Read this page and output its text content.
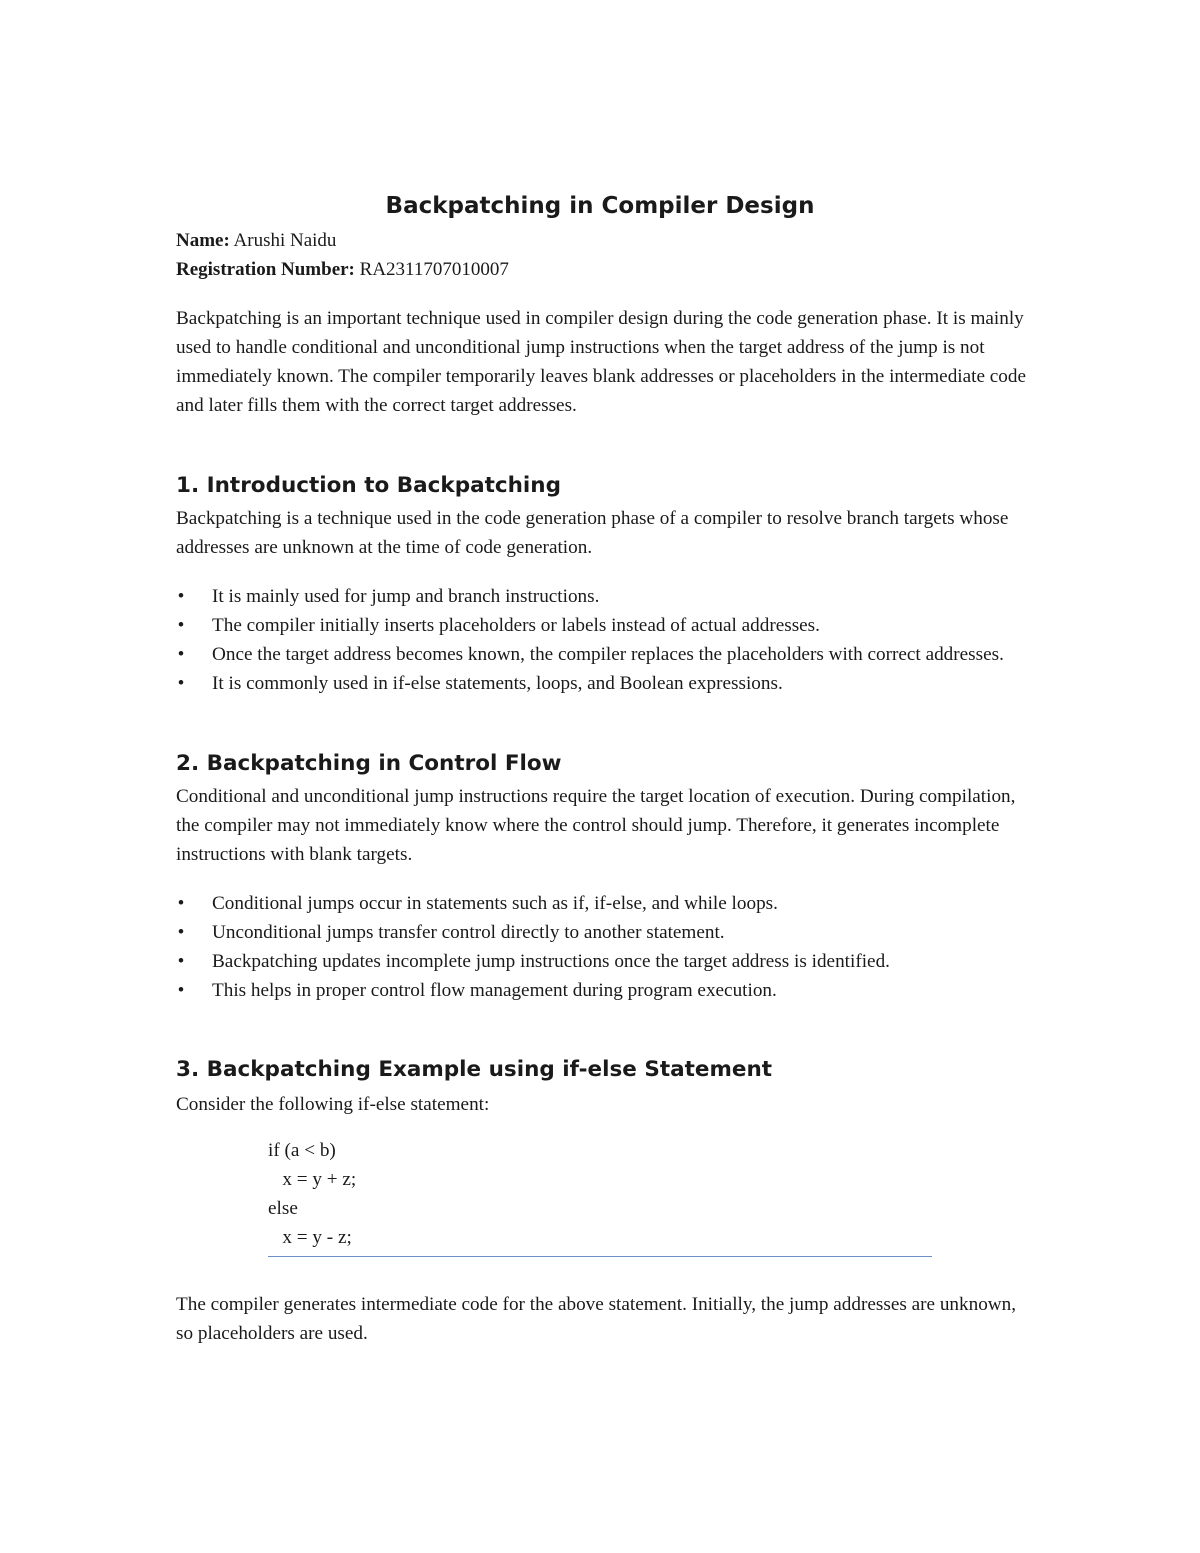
Backpatching in Compiler Design
Name: Arushi Naidu
Registration Number: RA2311707010007

Backpatching is an important technique used in compiler design during the code generation phase. It is mainly used to handle conditional and unconditional jump instructions when the target address of the jump is not immediately known. The compiler temporarily leaves blank addresses or placeholders in the intermediate code and later fills them with the correct target addresses.

1. Introduction to Backpatching

Backpatching is a technique used in the code generation phase of a compiler to resolve branch targets whose addresses are unknown at the time of code generation.

• It is mainly used for jump and branch instructions.
• The compiler initially inserts placeholders or labels instead of actual addresses.
• Once the target address becomes known, the compiler replaces the placeholders with correct addresses.
• It is commonly used in if-else statements, loops, and Boolean expressions.
2. Backpatching in Control Flow

Conditional and unconditional jump instructions require the target location of execution. During compilation, the compiler may not immediately know where the control should jump. Therefore, it generates incomplete instructions with blank targets.

• Conditional jumps occur in statements such as if, if-else, and while loops.
• Unconditional jumps transfer control directly to another statement.
• Backpatching updates incomplete jump instructions once the target address is identified.
• This helps in proper control flow management during program execution.
3. Backpatching Example using if-else Statement

Consider the following if-else statement:

if (a < b)
x = y + z;
else
x = y - z;

The compiler generates intermediate code for the above statement. Initially, the jump addresses are unknown, so placeholders are used.
